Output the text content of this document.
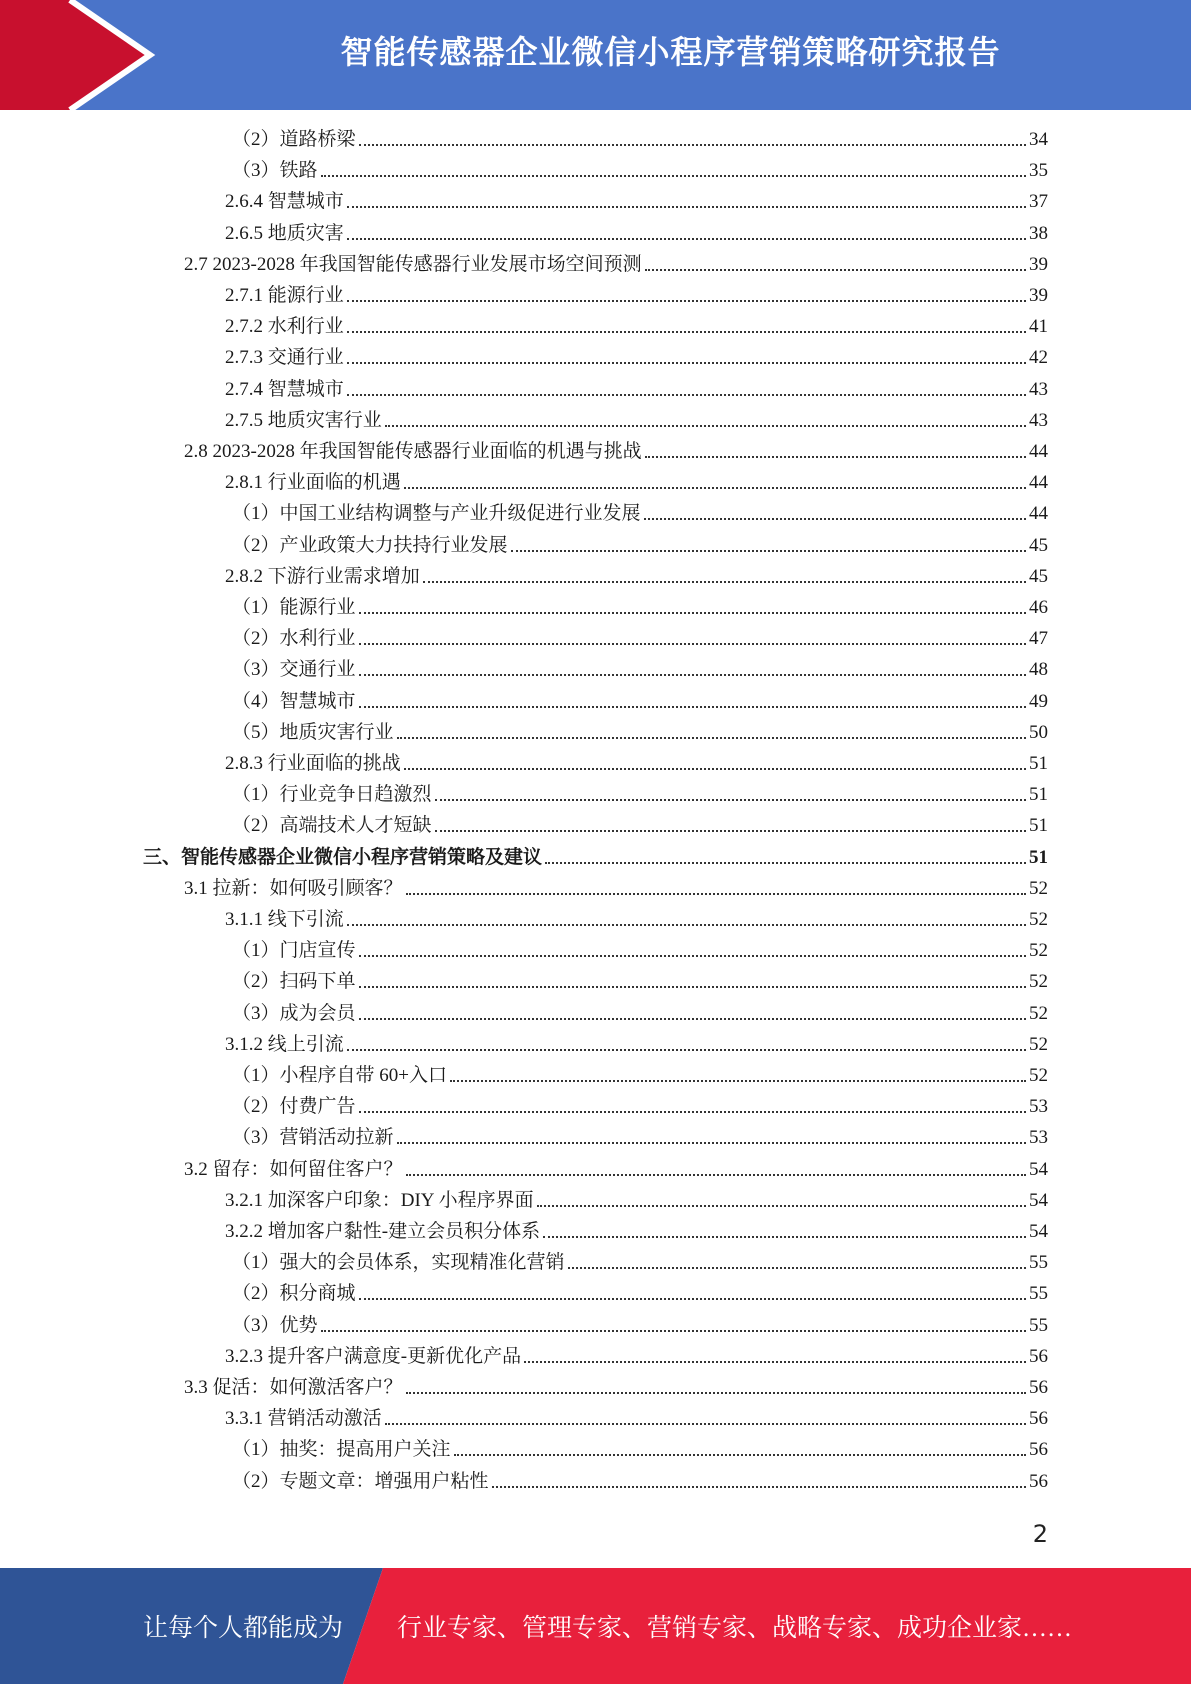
智能传感器企业微信小程序营销策略研究报告
（2）道路桥梁	34
（3）铁路	35
2.6.4 智慧城市	37
2.6.5 地质灾害	38
2.7 2023-2028 年我国智能传感器行业发展市场空间预测	39
2.7.1 能源行业	39
2.7.2 水利行业	41
2.7.3 交通行业	42
2.7.4 智慧城市	43
2.7.5 地质灾害行业	43
2.8 2023-2028 年我国智能传感器行业面临的机遇与挑战	44
2.8.1 行业面临的机遇	44
（1）中国工业结构调整与产业升级促进行业发展	44
（2）产业政策大力扶持行业发展	45
2.8.2 下游行业需求增加	45
（1）能源行业	46
（2）水利行业	47
（3）交通行业	48
（4）智慧城市	49
（5）地质灾害行业	50
2.8.3 行业面临的挑战	51
（1）行业竞争日趋激烈	51
（2）高端技术人才短缺	51
三、智能传感器企业微信小程序营销策略及建议	51
3.1 拉新：如何吸引顾客？	52
3.1.1 线下引流	52
（1）门店宣传	52
（2）扫码下单	52
（3）成为会员	52
3.1.2 线上引流	52
（1）小程序自带 60+入口	52
（2）付费广告	53
（3）营销活动拉新	53
3.2 留存：如何留住客户？	54
3.2.1 加深客户印象：DIY 小程序界面	54
3.2.2 增加客户黏性-建立会员积分体系	54
（1）强大的会员体系，实现精准化营销	55
（2）积分商城	55
（3）优势	55
3.2.3 提升客户满意度-更新优化产品	56
3.3 促活：如何激活客户？	56
3.3.1 营销活动激活	56
（1）抽奖：提高用户关注	56
（2）专题文章：增强用户粘性	56
2
让每个人都能成为 行业专家、管理专家、营销专家、战略专家、成功企业家……
